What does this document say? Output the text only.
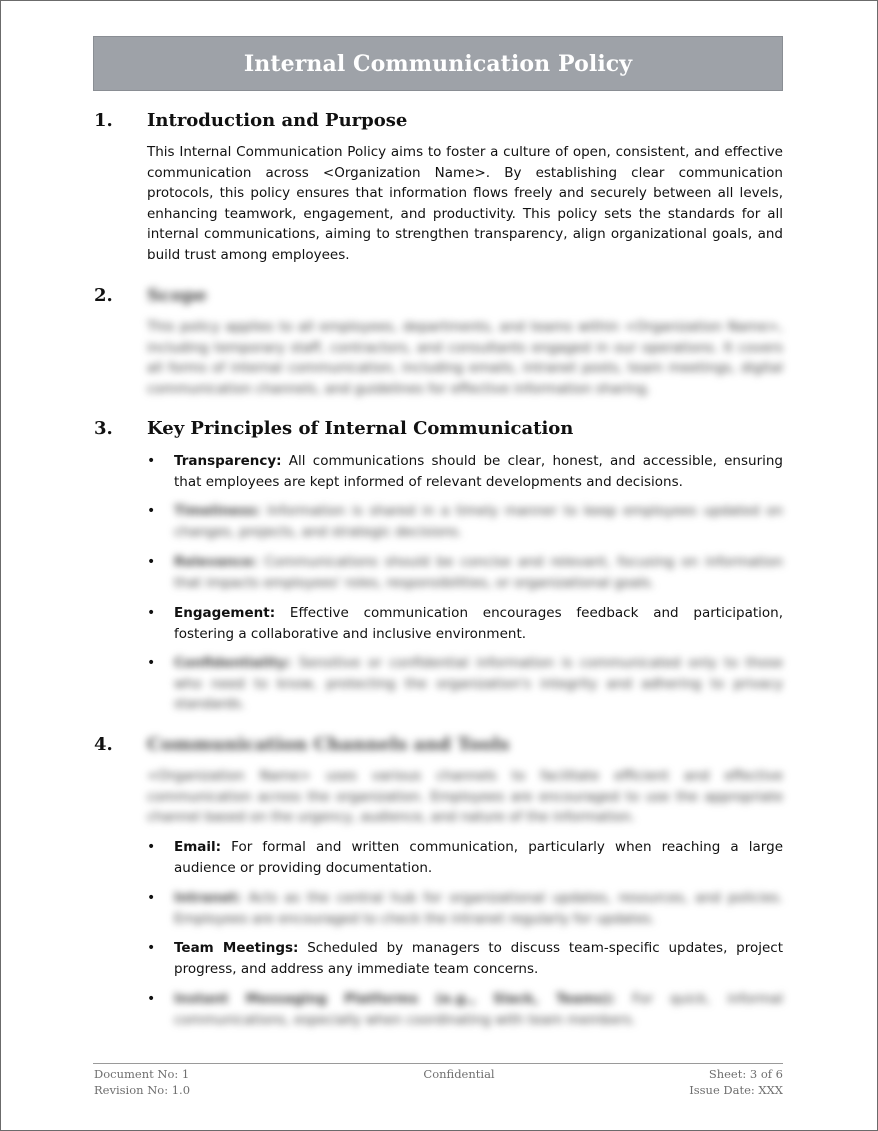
Internal Communication Policy
1.	Introduction and Purpose

This Internal Communication Policy aims to foster a culture of open, consistent, and effective communication across <Organization Name>. By establishing clear communication protocols, this policy ensures that information flows freely and securely between all levels, enhancing teamwork, engagement, and productivity. This policy sets the standards for all internal communications, aiming to strengthen transparency, align organizational goals, and build trust among employees.

2.	Scope

This policy applies to all employees, departments, and teams within <Organization Name>, including temporary staff, contractors, and consultants engaged in our operations. It covers all forms of internal communication, including emails, intranet posts, team meetings, digital communication channels, and guidelines for effective information sharing.

3.	Key Principles of Internal Communication
•	Transparency: All communications should be clear, honest, and accessible, ensuring that employees are kept informed of relevant developments and decisions.
•	Timeliness: Information is shared in a timely manner to keep employees updated on changes, projects, and strategic decisions.
•	Relevance: Communications should be concise and relevant, focusing on information that impacts employees' roles, responsibilities, or organizational goals.
•	Engagement: Effective communication encourages feedback and participation, fostering a collaborative and inclusive environment.
•	Confidentiality: Sensitive or confidential information is communicated only to those who need to know, protecting the organization's integrity and adhering to privacy standards.
4.	Communication Channels and Tools

<Organization Name> uses various channels to facilitate efficient and effective communication across the organization. Employees are encouraged to use the appropriate channel based on the urgency, audience, and nature of the information.

•	Email: For formal and written communication, particularly when reaching a large audience or providing documentation.
•	Intranet: Acts as the central hub for organizational updates, resources, and policies. Employees are encouraged to check the intranet regularly for updates.
•	Team Meetings: Scheduled by managers to discuss team-specific updates, project progress, and address any immediate team concerns.
•	Instant Messaging Platforms (e.g., Slack, Teams): For quick, informal communications, especially when coordinating with team members.
Document No: 1
Revision No: 1.0
Confidential	Sheet: 3 of 6
Issue Date: XXX
